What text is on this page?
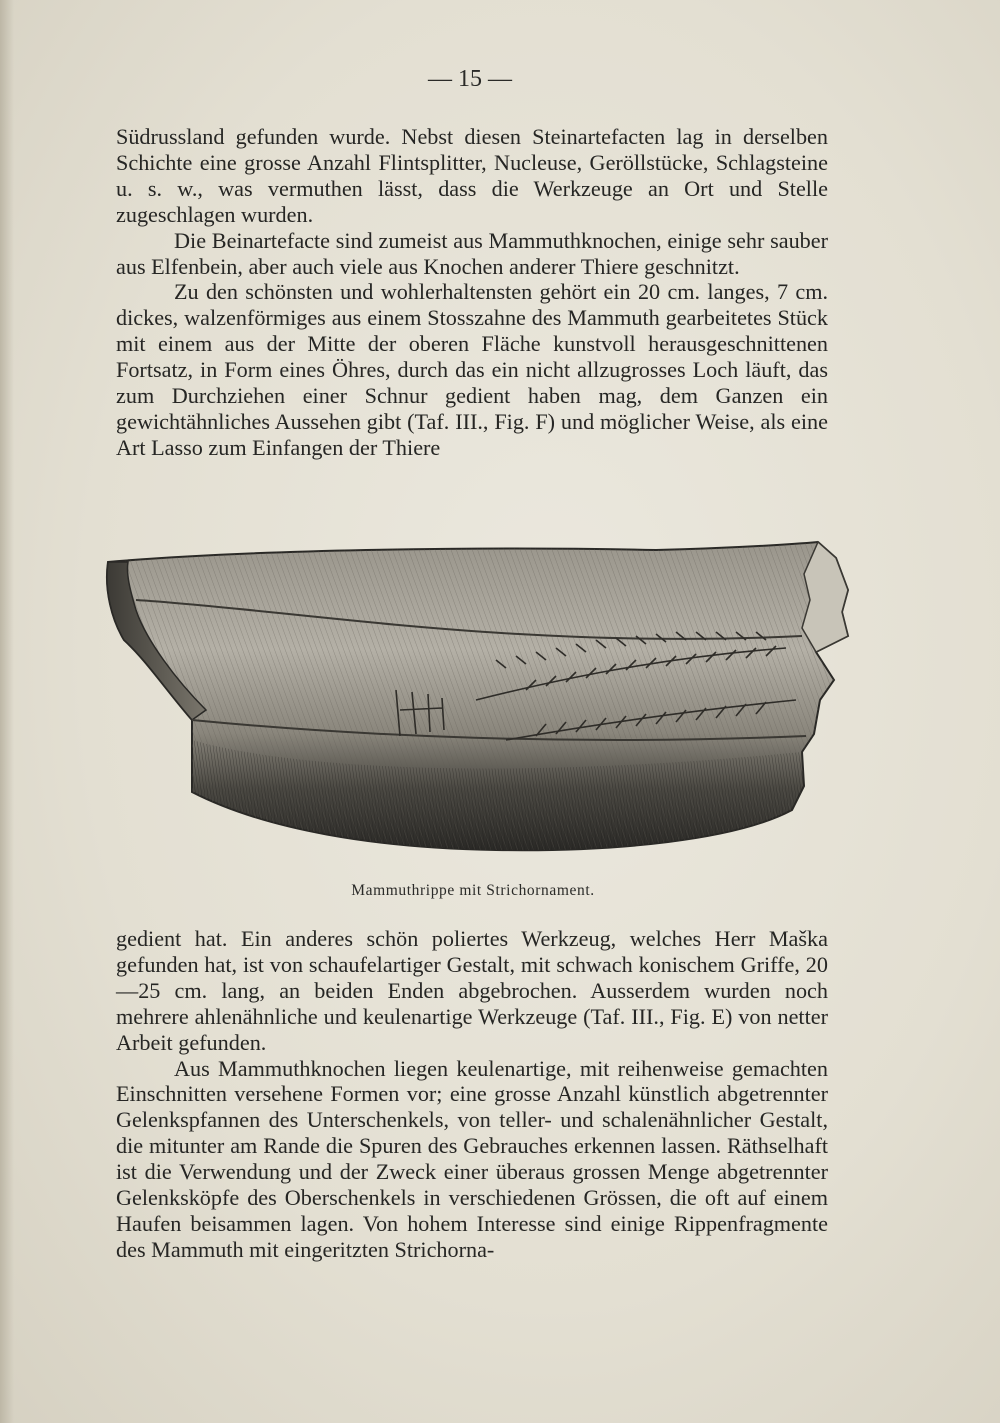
— 15 —

Südrussland gefunden wurde. Nebst diesen Steinartefacten lag in derselben Schichte eine grosse Anzahl Flintsplitter, Nucleuse, Geröllstücke, Schlagsteine u. s. w., was vermuthen lässt, dass die Werkzeuge an Ort und Stelle zugeschlagen wurden.

Die Beinartefacte sind zumeist aus Mammuthknochen, einige sehr sauber aus Elfenbein, aber auch viele aus Knochen anderer Thiere geschnitzt.

Zu den schönsten und wohlerhaltensten gehört ein 20 cm. langes, 7 cm. dickes, walzenförmiges aus einem Stosszahne des Mammuth gearbeitetes Stück mit einem aus der Mitte der oberen Fläche kunstvoll herausgeschnittenen Fortsatz, in Form eines Öhres, durch das ein nicht allzugrosses Loch läuft, das zum Durchziehen einer Schnur gedient haben mag, dem Ganzen ein gewichtähnliches Aussehen gibt (Taf. III., Fig. F) und möglicher Weise, als eine Art Lasso zum Einfangen der Thiere

Mammuthrippe mit Strichornament.

gedient hat. Ein anderes schön poliertes Werkzeug, welches Herr Maška gefunden hat, ist von schaufelartiger Gestalt, mit schwach konischem Griffe, 20—25 cm. lang, an beiden Enden abgebrochen. Ausserdem wurden noch mehrere ahlenähnliche und keulenartige Werkzeuge (Taf. III., Fig. E) von netter Arbeit gefunden.

Aus Mammuthknochen liegen keulenartige, mit reihenweise gemachten Einschnitten versehene Formen vor; eine grosse Anzahl künstlich abgetrennter Gelenkspfannen des Unterschenkels, von teller- und schalenähnlicher Gestalt, die mitunter am Rande die Spuren des Gebrauches erkennen lassen. Räthselhaft ist die Verwendung und der Zweck einer überaus grossen Menge abgetrennter Gelenksköpfe des Oberschenkels in verschiedenen Grössen, die oft auf einem Haufen beisammen lagen. Von hohem Interesse sind einige Rippenfragmente des Mammuth mit eingeritzten Strichorna-
